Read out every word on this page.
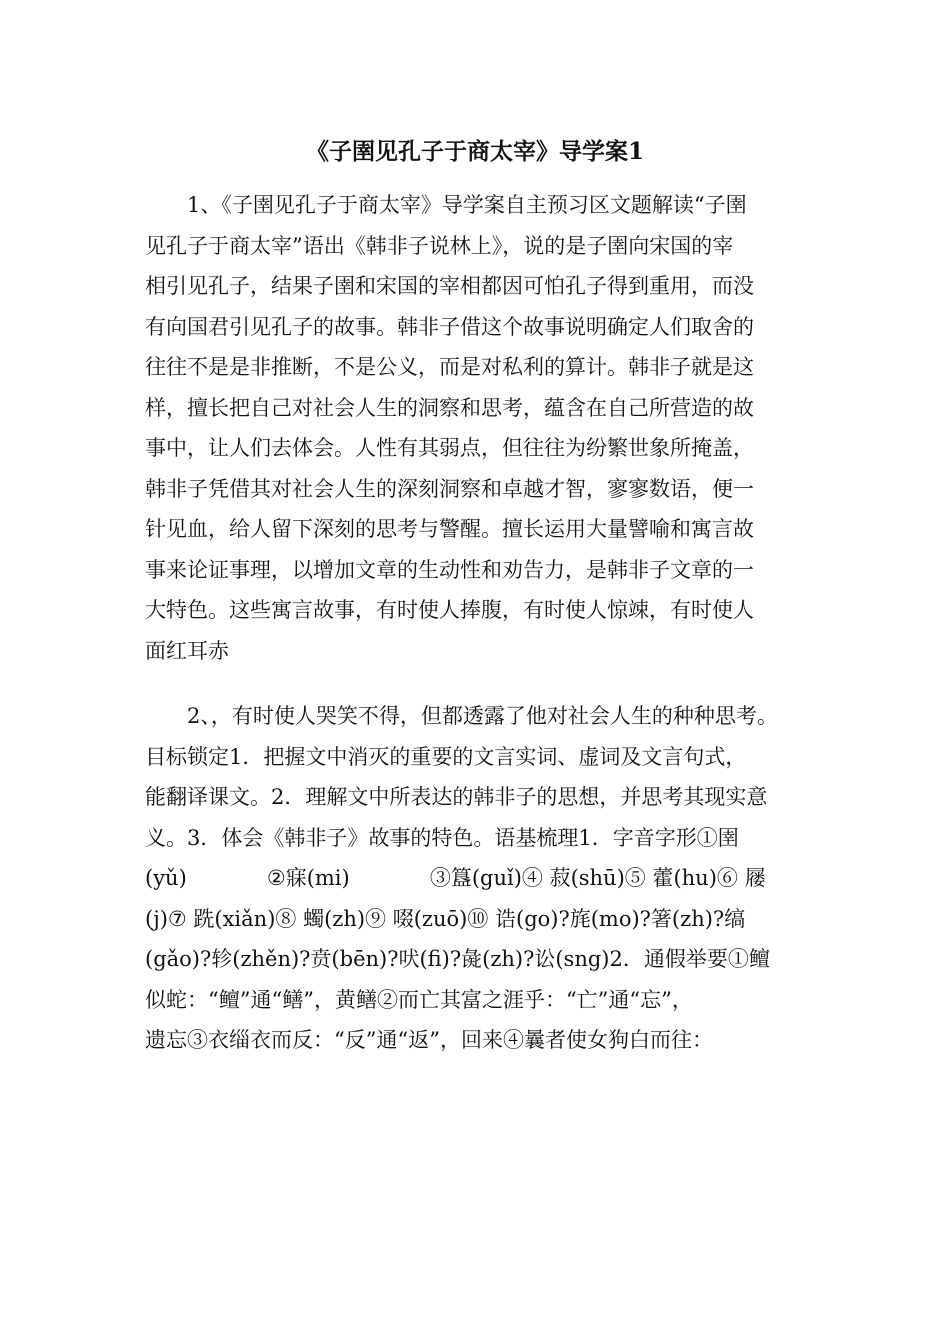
《子圉见孔子于商太宰》导学案1
1、《子圉见孔子于商太宰》导学案自主预习区文题解读“子圉
见孔子于商太宰”语出《韩非子说林上》，说的是子圉向宋国的宰
相引见孔子，结果子圉和宋国的宰相都因可怕孔子得到重用，而没
有向国君引见孔子的故事。韩非子借这个故事说明确定人们取舍的
往往不是是非推断，不是公义，而是对私利的算计。韩非子就是这
样，擅长把自己对社会人生的洞察和思考，蕴含在自己所营造的故
事中，让人们去体会。人性有其弱点，但往往为纷繁世象所掩盖，
韩非子凭借其对社会人生的深刻洞察和卓越才智，寥寥数语，便一
针见血，给人留下深刻的思考与警醒。擅长运用大量譬喻和寓言故
事来论证事理，以增加文章的生动性和劝告力，是韩非子文章的一
大特色。这些寓言故事，有时使人捧腹，有时使人惊竦，有时使人
面红耳赤
2、，有时使人哭笑不得，但都透露了他对社会人生的种种思考。
目标锁定1．把握文中消灭的重要的文言实词、虚词及文言句式，
能翻译课文。2．理解文中所表达的韩非子的思想，并思考其现实意
义。3．体会《韩非子》故事的特色。语基梳理1．字音字形①圉
(yǔ)            ②寐(mi)            ③簋(guǐ)④ 菽(shū)⑤ 藿(hu)⑥ 屦
(j)⑦ 跣(xiǎn)⑧ 蠋(zh)⑨ 啜(zuō)⑩ 诰(go)?旄(mo)?箸(zh)?缟
(gǎo)?轸(zhěn)?贲(bēn)?吠(fi)?彘(zh)?讼(sng)2．通假举要①鳣
似蛇：“鳣”通“鳝”，黄鳝②而亡其富之涯乎：“亡”通“忘”，
遗忘③衣缁衣而反：“反”通“返”，回来④曩者使女狗白而往：
